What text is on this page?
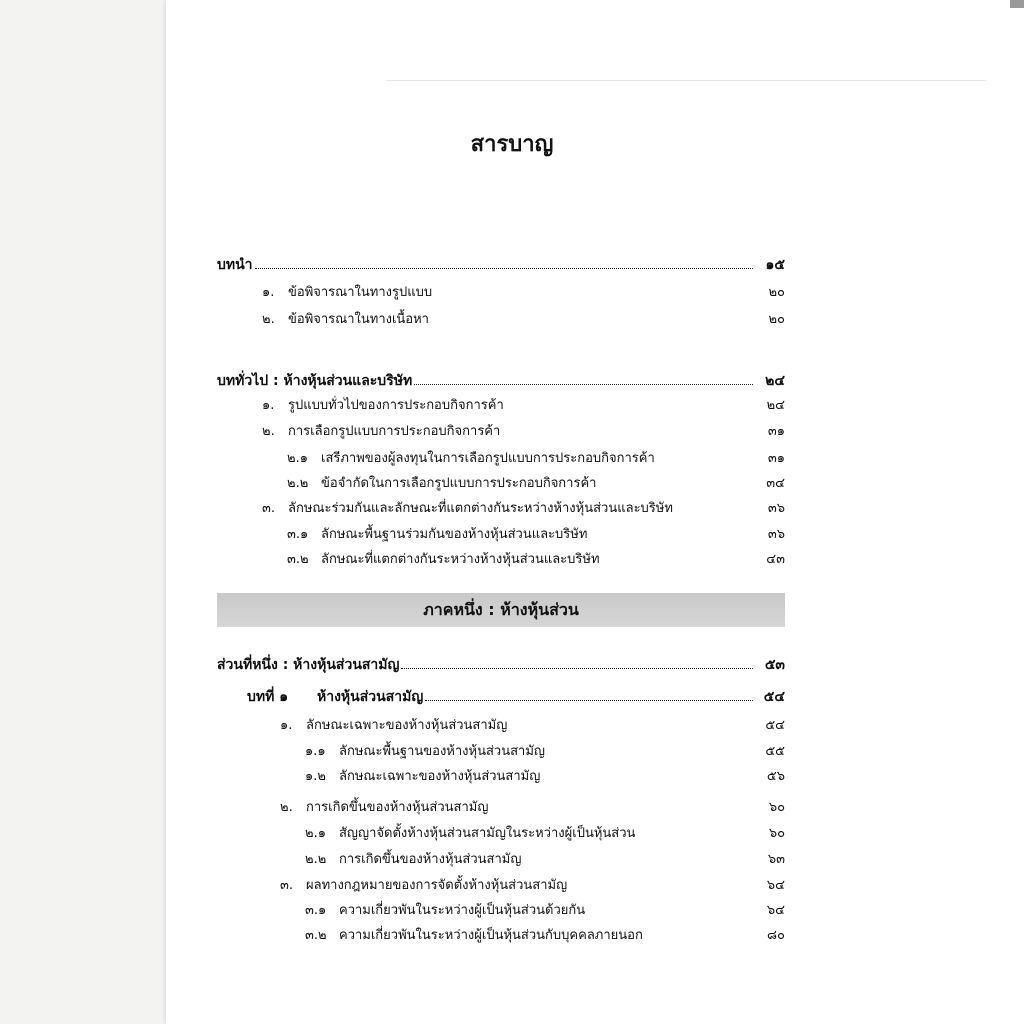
สารบาญ
ภาคหนึ่ง : ห้างหุ้นส่วน
บทนำ	๑๕
๑.	ข้อพิจารณาในทางรูปแบบ	๒๐
๒.	ข้อพิจารณาในทางเนื้อหา	๒๐
บททั่วไป : ห้างหุ้นส่วนและบริษัท	๒๔
๑.	รูปแบบทั่วไปของการประกอบกิจการค้า	๒๔
๒.	การเลือกรูปแบบการประกอบกิจการค้า	๓๑
๒.๑	เสรีภาพของผู้ลงทุนในการเลือกรูปแบบการประกอบกิจการค้า	๓๑
๒.๒ ข้อจำกัดในการเลือกรูปแบบการประกอบกิจการค้า	๓๔
๓. ลักษณะร่วมกันและลักษณะที่แตกต่างกันระหว่างห้างหุ้นส่วนและบริษัท	๓๖
๓.๑ ลักษณะพื้นฐานร่วมกันของห้างหุ้นส่วนและบริษัท	๓๖
๓.๒ ลักษณะที่แตกต่างกันระหว่างห้างหุ้นส่วนและบริษัท	๔๓
ส่วนที่หนึ่ง : ห้างหุ้นส่วนสามัญ	๕๓
บทที่ ๑	ห้างหุ้นส่วนสามัญ	๕๔
๑.	ลักษณะเฉพาะของห้างหุ้นส่วนสามัญ	๕๔
๑.๑	ลักษณะพื้นฐานของห้างหุ้นส่วนสามัญ	๕๕
๑.๒	ลักษณะเฉพาะของห้างหุ้นส่วนสามัญ	๕๖
๒.	การเกิดขึ้นของห้างหุ้นส่วนสามัญ	๖๐
๒.๑	สัญญาจัดตั้งห้างหุ้นส่วนสามัญในระหว่างผู้เป็นหุ้นส่วน	๖๐
๒.๒ การเกิดขึ้นของห้างหุ้นส่วนสามัญ	๖๓
๓. ผลทางกฎหมายของการจัดตั้งห้างหุ้นส่วนสามัญ	๖๔
๓.๑ ความเกี่ยวพันในระหว่างผู้เป็นหุ้นส่วนด้วยกัน	๖๔
๓.๒ ความเกี่ยวพันในระหว่างผู้เป็นหุ้นส่วนกับบุคคลภายนอก	๘๐
